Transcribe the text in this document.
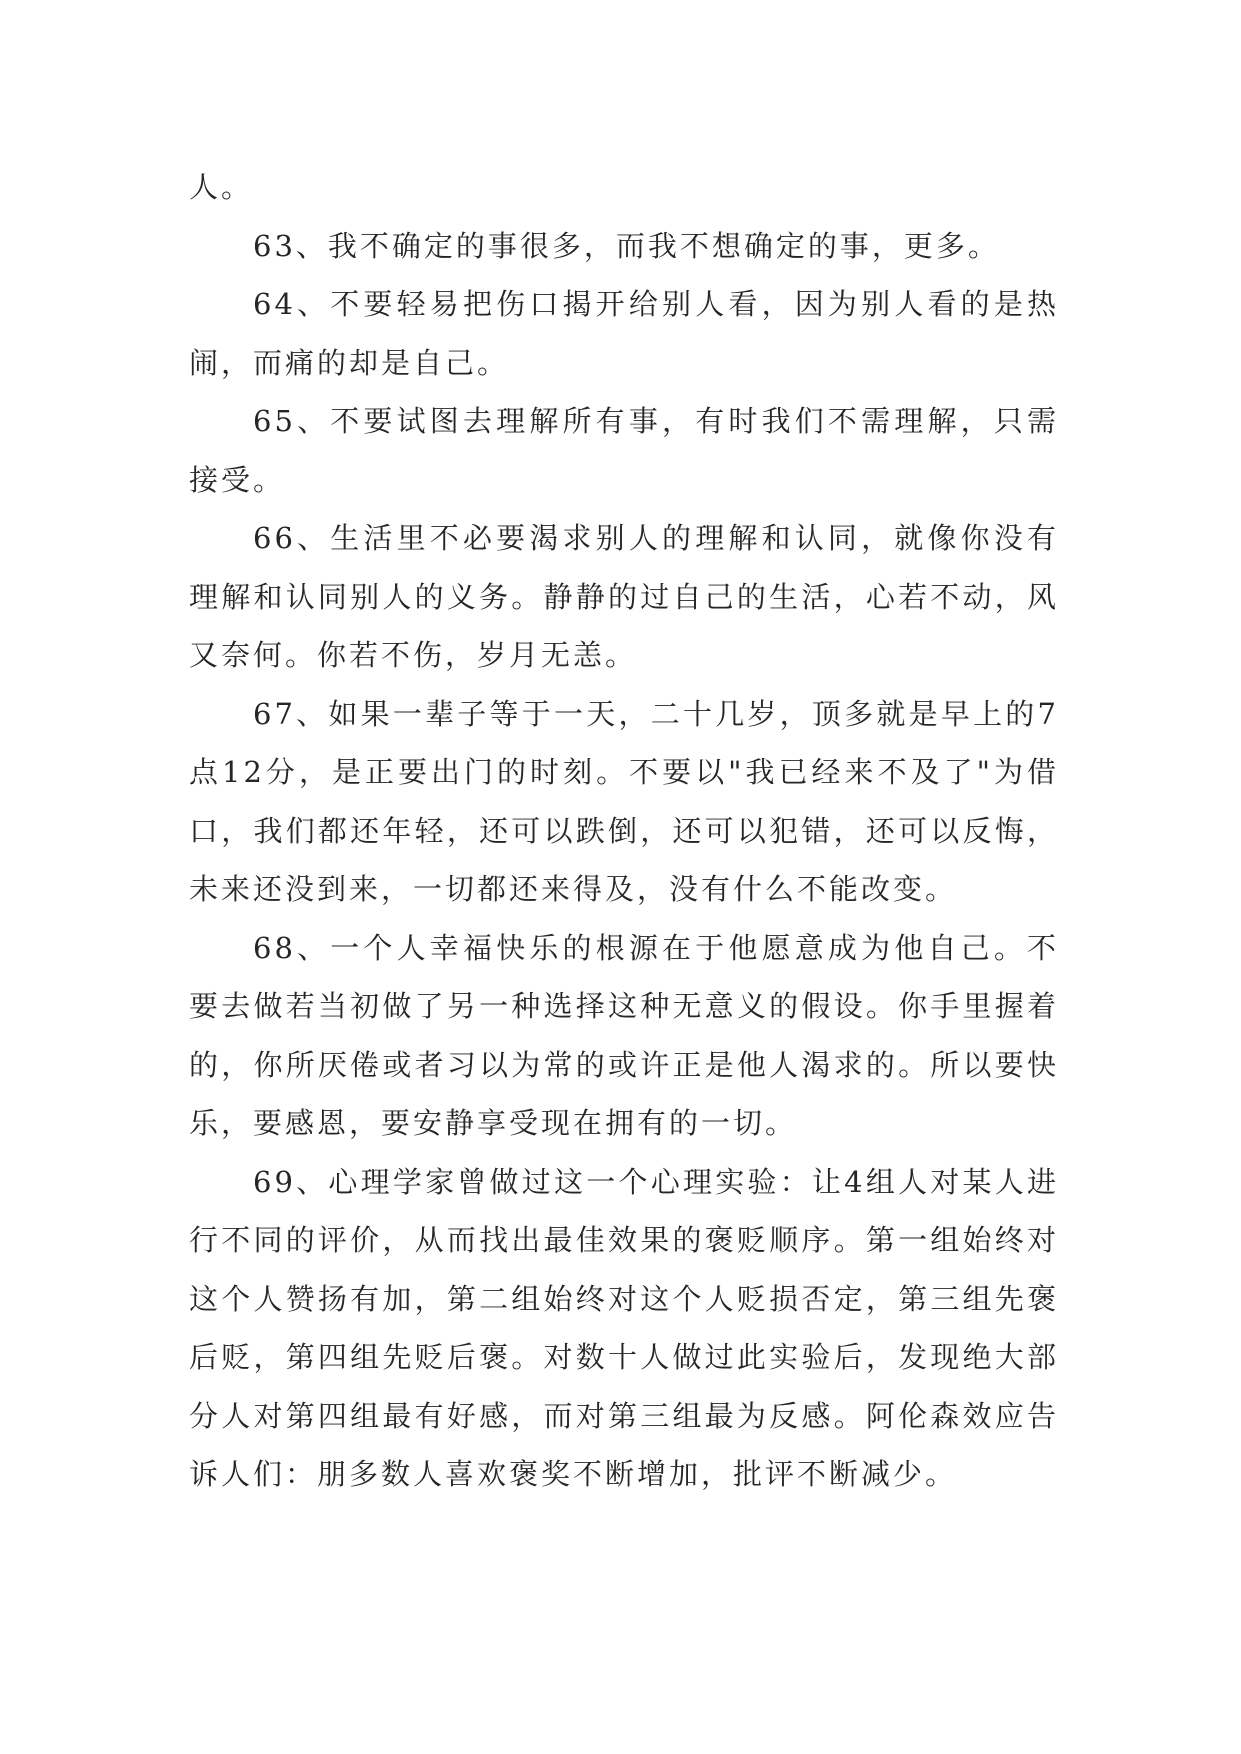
人。

63、我不确定的事很多，而我不想确定的事，更多。

64、不要轻易把伤口揭开给别人看，因为别人看的是热闹，而痛的却是自己。

65、不要试图去理解所有事，有时我们不需理解，只需接受。

66、生活里不必要渴求别人的理解和认同，就像你没有理解和认同别人的义务。静静的过自己的生活，心若不动，风又奈何。你若不伤，岁月无恙。

67、如果一辈子等于一天，二十几岁，顶多就是早上的7点12分，是正要出门的时刻。不要以"我已经来不及了"为借口，我们都还年轻，还可以跌倒，还可以犯错，还可以反悔，未来还没到来，一切都还来得及，没有什么不能改变。

68、一个人幸福快乐的根源在于他愿意成为他自己。不要去做若当初做了另一种选择这种无意义的假设。你手里握着的，你所厌倦或者习以为常的或许正是他人渴求的。所以要快乐，要感恩，要安静享受现在拥有的一切。

69、心理学家曾做过这一个心理实验：让4组人对某人进行不同的评价，从而找出最佳效果的褒贬顺序。第一组始终对这个人赞扬有加，第二组始终对这个人贬损否定，第三组先褒后贬，第四组先贬后褒。对数十人做过此实验后，发现绝大部分人对第四组最有好感，而对第三组最为反感。阿伦森效应告诉人们：朋多数人喜欢褒奖不断增加，批评不断减少。
